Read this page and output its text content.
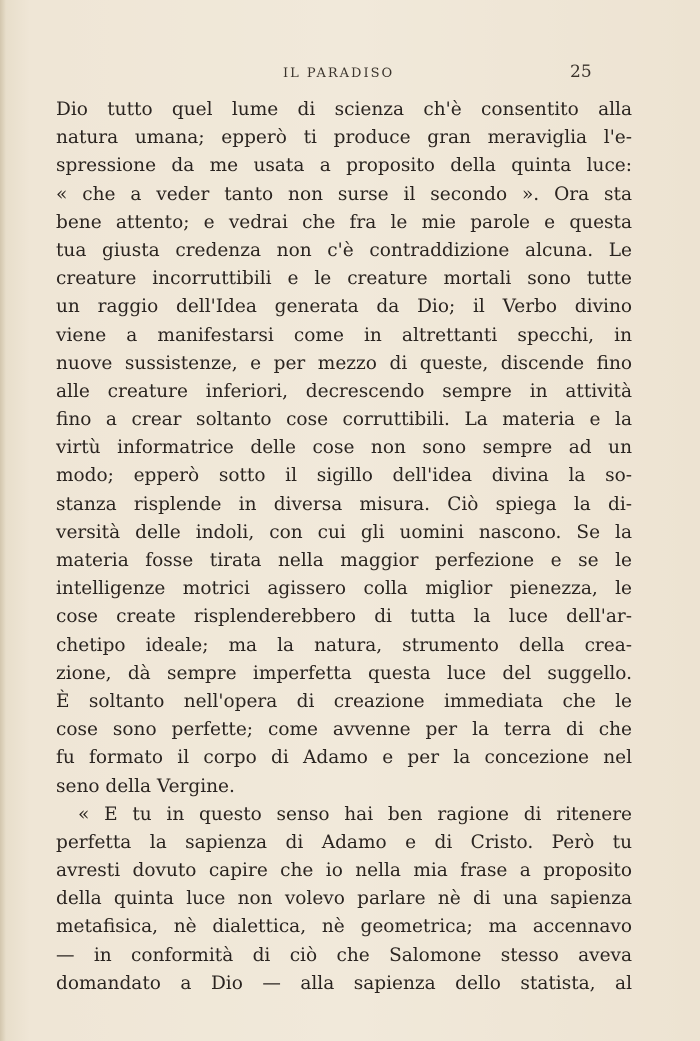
IL PARADISO	25
Dio tutto quel lume di scienza ch'è consentito alla
natura umana; epperò ti produce gran meraviglia l'e-
spressione da me usata a proposito della quinta luce:
« che a veder tanto non surse il secondo ». Ora sta
bene attento; e vedrai che fra le mie parole e questa
tua giusta credenza non c'è contraddizione alcuna. Le
creature incorruttibili e le creature mortali sono tutte
un raggio dell'Idea generata da Dio; il Verbo divino
viene a manifestarsi come in altrettanti specchi, in
nuove sussistenze, e per mezzo di queste, discende fino
alle creature inferiori, decrescendo sempre in attività
fino a crear soltanto cose corruttibili. La materia e la
virtù informatrice delle cose non sono sempre ad un
modo; epperò sotto il sigillo dell'idea divina la so-
stanza risplende in diversa misura. Ciò spiega la di-
versità delle indoli, con cui gli uomini nascono. Se la
materia fosse tirata nella maggior perfezione e se le
intelligenze motrici agissero colla miglior pienezza, le
cose create risplenderebbero di tutta la luce dell'ar-
chetipo ideale; ma la natura, strumento della crea-
zione, dà sempre imperfetta questa luce del suggello.
È soltanto nell'opera di creazione immediata che le
cose sono perfette; come avvenne per la terra di che
fu formato il corpo di Adamo e per la concezione nel
seno della Vergine.
« E tu in questo senso hai ben ragione di ritenere
perfetta la sapienza di Adamo e di Cristo. Però tu
avresti dovuto capire che io nella mia frase a proposito
della quinta luce non volevo parlare nè di una sapienza
metafisica, nè dialettica, nè geometrica; ma accennavo
— in conformità di ciò che Salomone stesso aveva
domandato a Dio — alla sapienza dello statista, al
